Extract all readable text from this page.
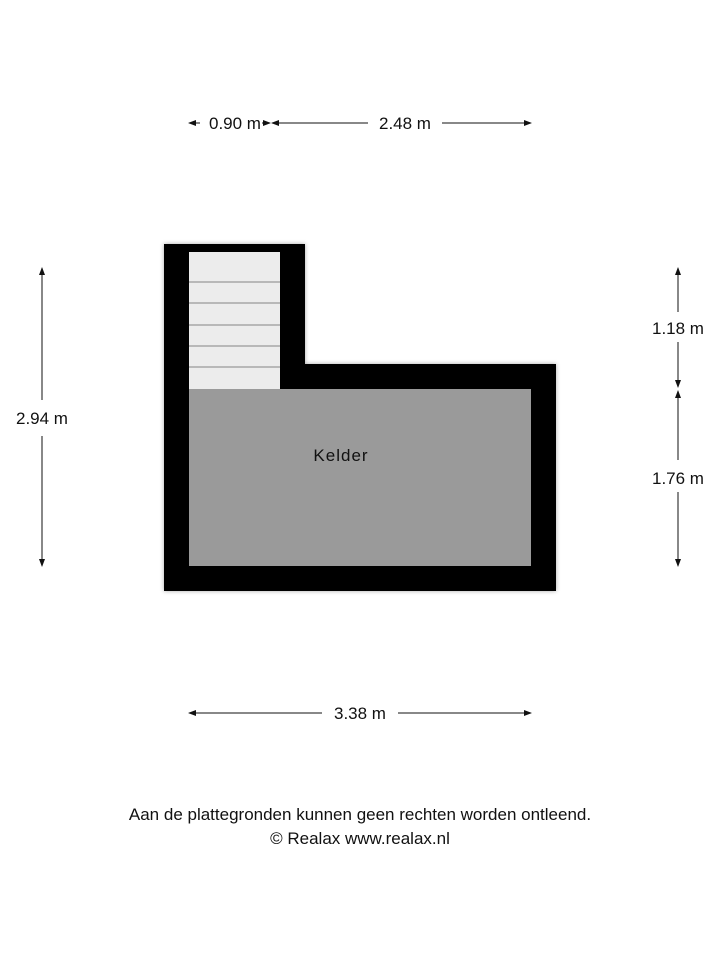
Kelder
0.90 m	2.48 m
2.94 m
1.18 m
1.76 m
3.38 m
Aan de plattegronden kunnen geen rechten worden ontleend.
© Realax www.realax.nl
